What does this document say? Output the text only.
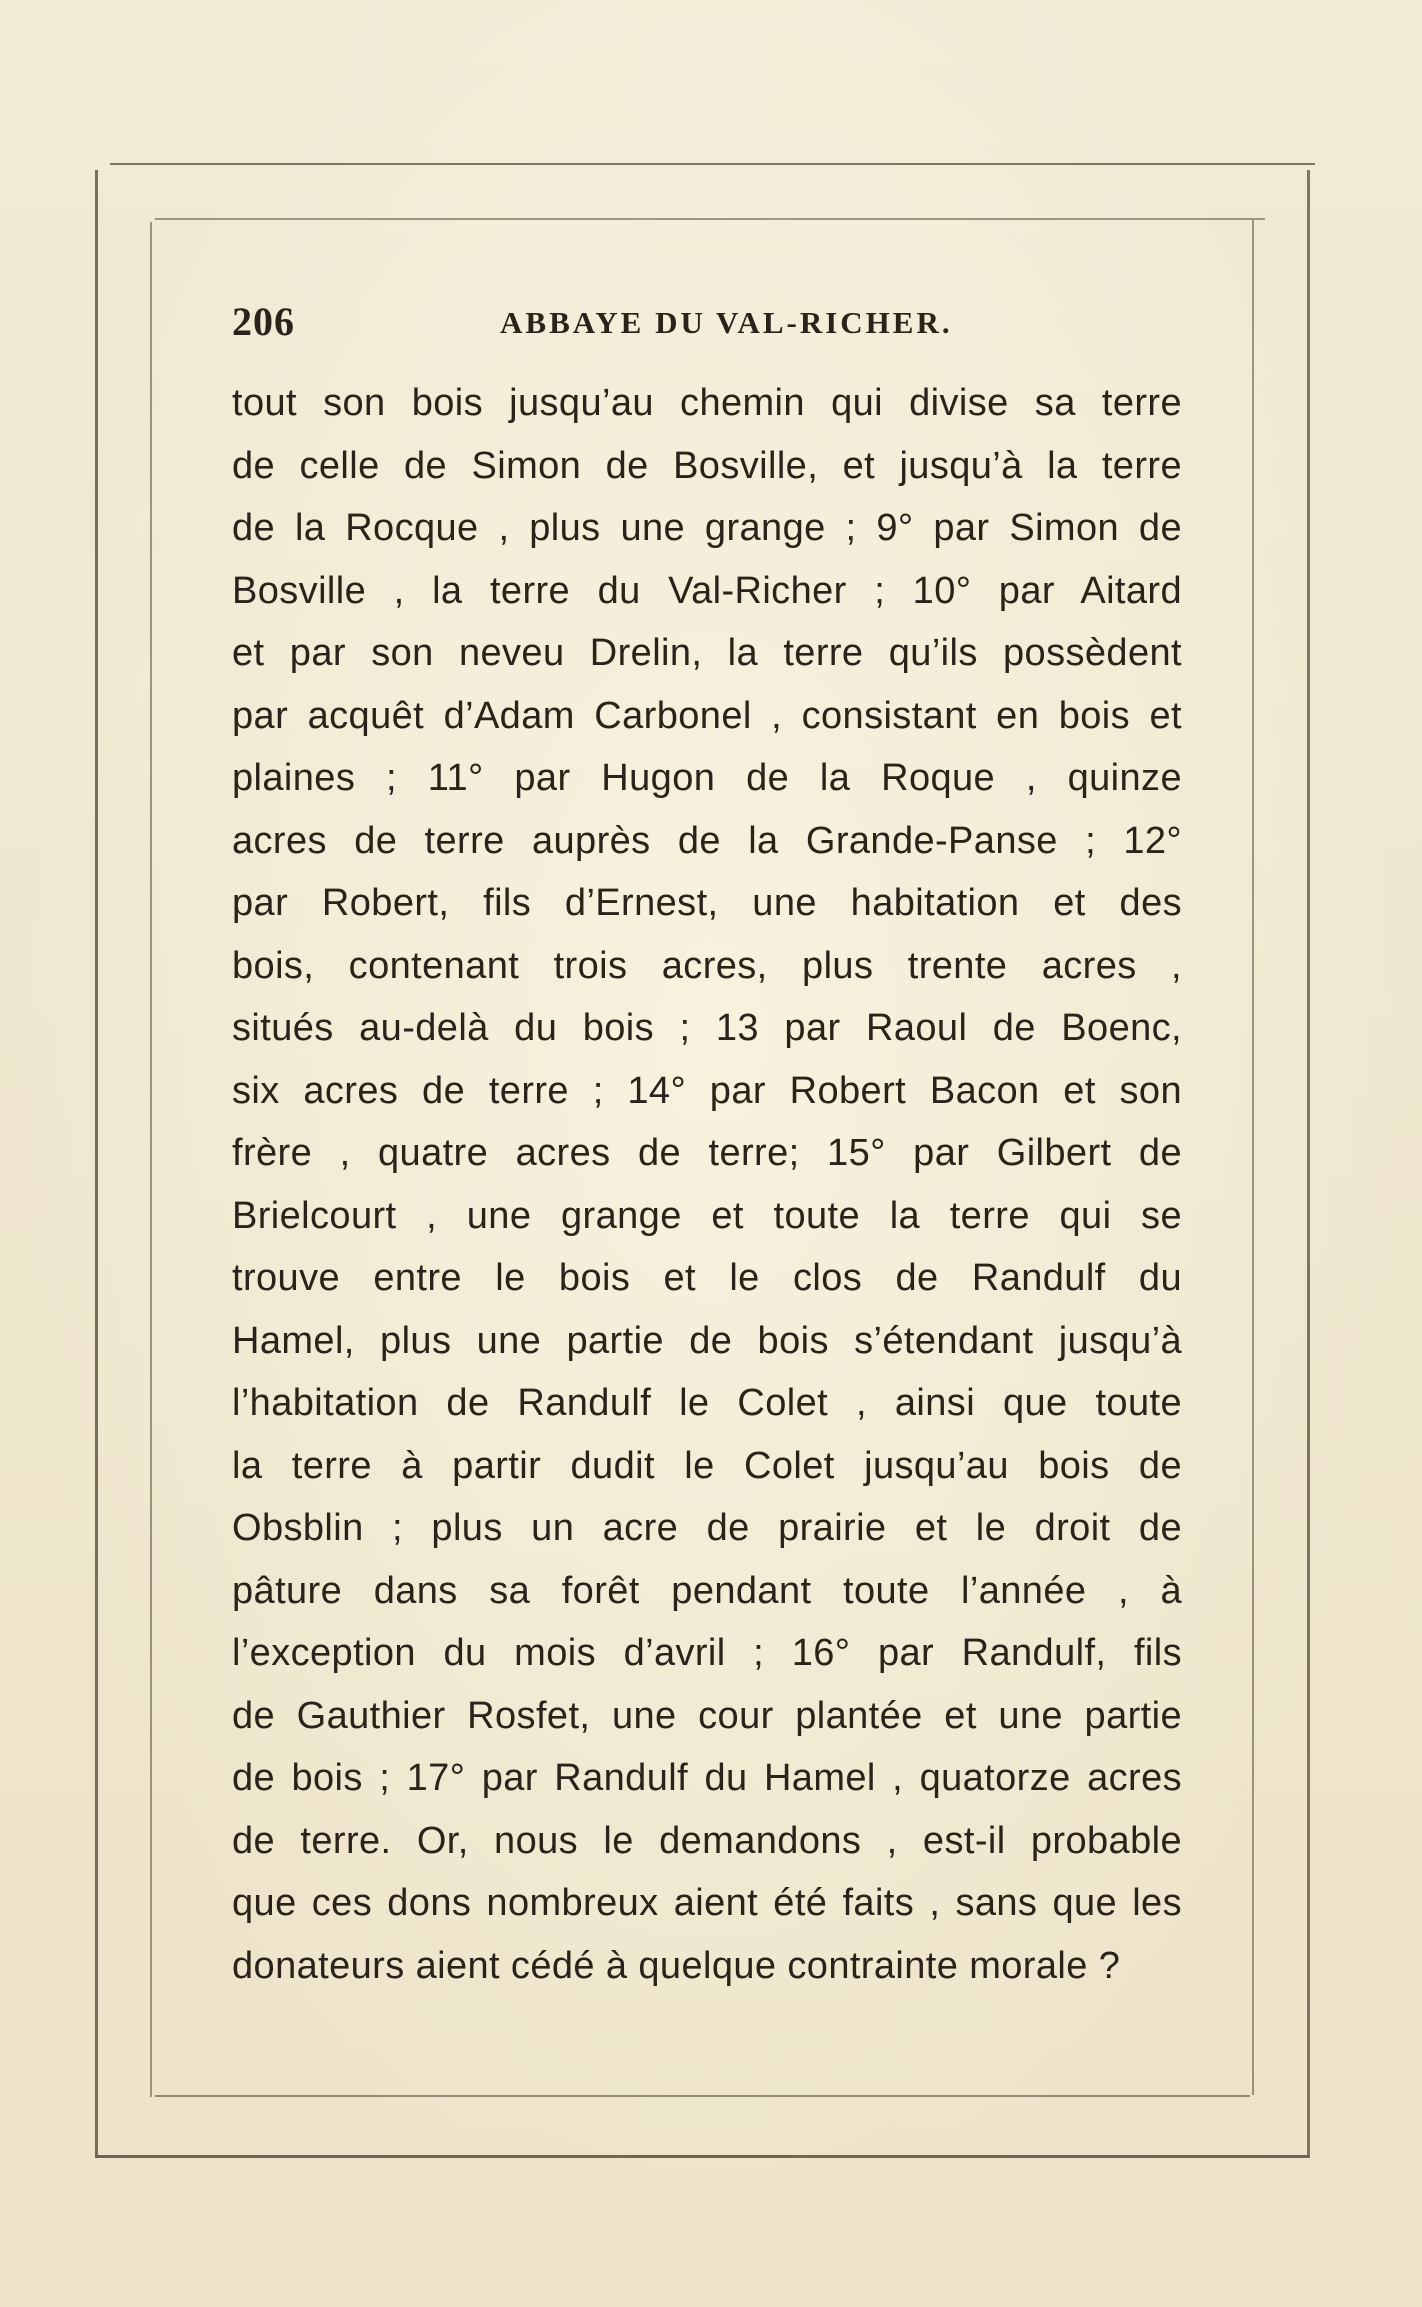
206	ABBAYE DU VAL-RICHER.
tout son bois jusqu’au chemin qui divise sa terre
de celle de Simon de Bosville, et jusqu’à la terre
de la Rocque , plus une grange ; 9° par Simon de
Bosville , la terre du Val-Richer ; 10° par Aitard
et par son neveu Drelin, la terre qu’ils possèdent
par acquêt d’Adam Carbonel , consistant en bois et
plaines ; 11° par Hugon de la Roque , quinze
acres de terre auprès de la Grande-Panse ; 12°
par Robert, fils d’Ernest, une habitation et des
bois, contenant trois acres, plus trente acres ,
situés au-delà du bois ; 13 par Raoul de Boenc,
six acres de terre ; 14° par Robert Bacon et son
frère , quatre acres de terre; 15° par Gilbert de
Brielcourt , une grange et toute la terre qui se
trouve entre le bois et le clos de Randulf du
Hamel, plus une partie de bois s’étendant jusqu’à
l’habitation de Randulf le Colet , ainsi que toute
la terre à partir dudit le Colet jusqu’au bois de
Obsblin ; plus un acre de prairie et le droit de
pâture dans sa forêt pendant toute l’année , à
l’exception du mois d’avril ; 16° par Randulf, fils
de Gauthier Rosfet, une cour plantée et une partie
de bois ; 17° par Randulf du Hamel , quatorze acres
de terre. Or, nous le demandons , est-il probable
que ces dons nombreux aient été faits , sans que les
donateurs aient cédé à quelque contrainte morale ?
